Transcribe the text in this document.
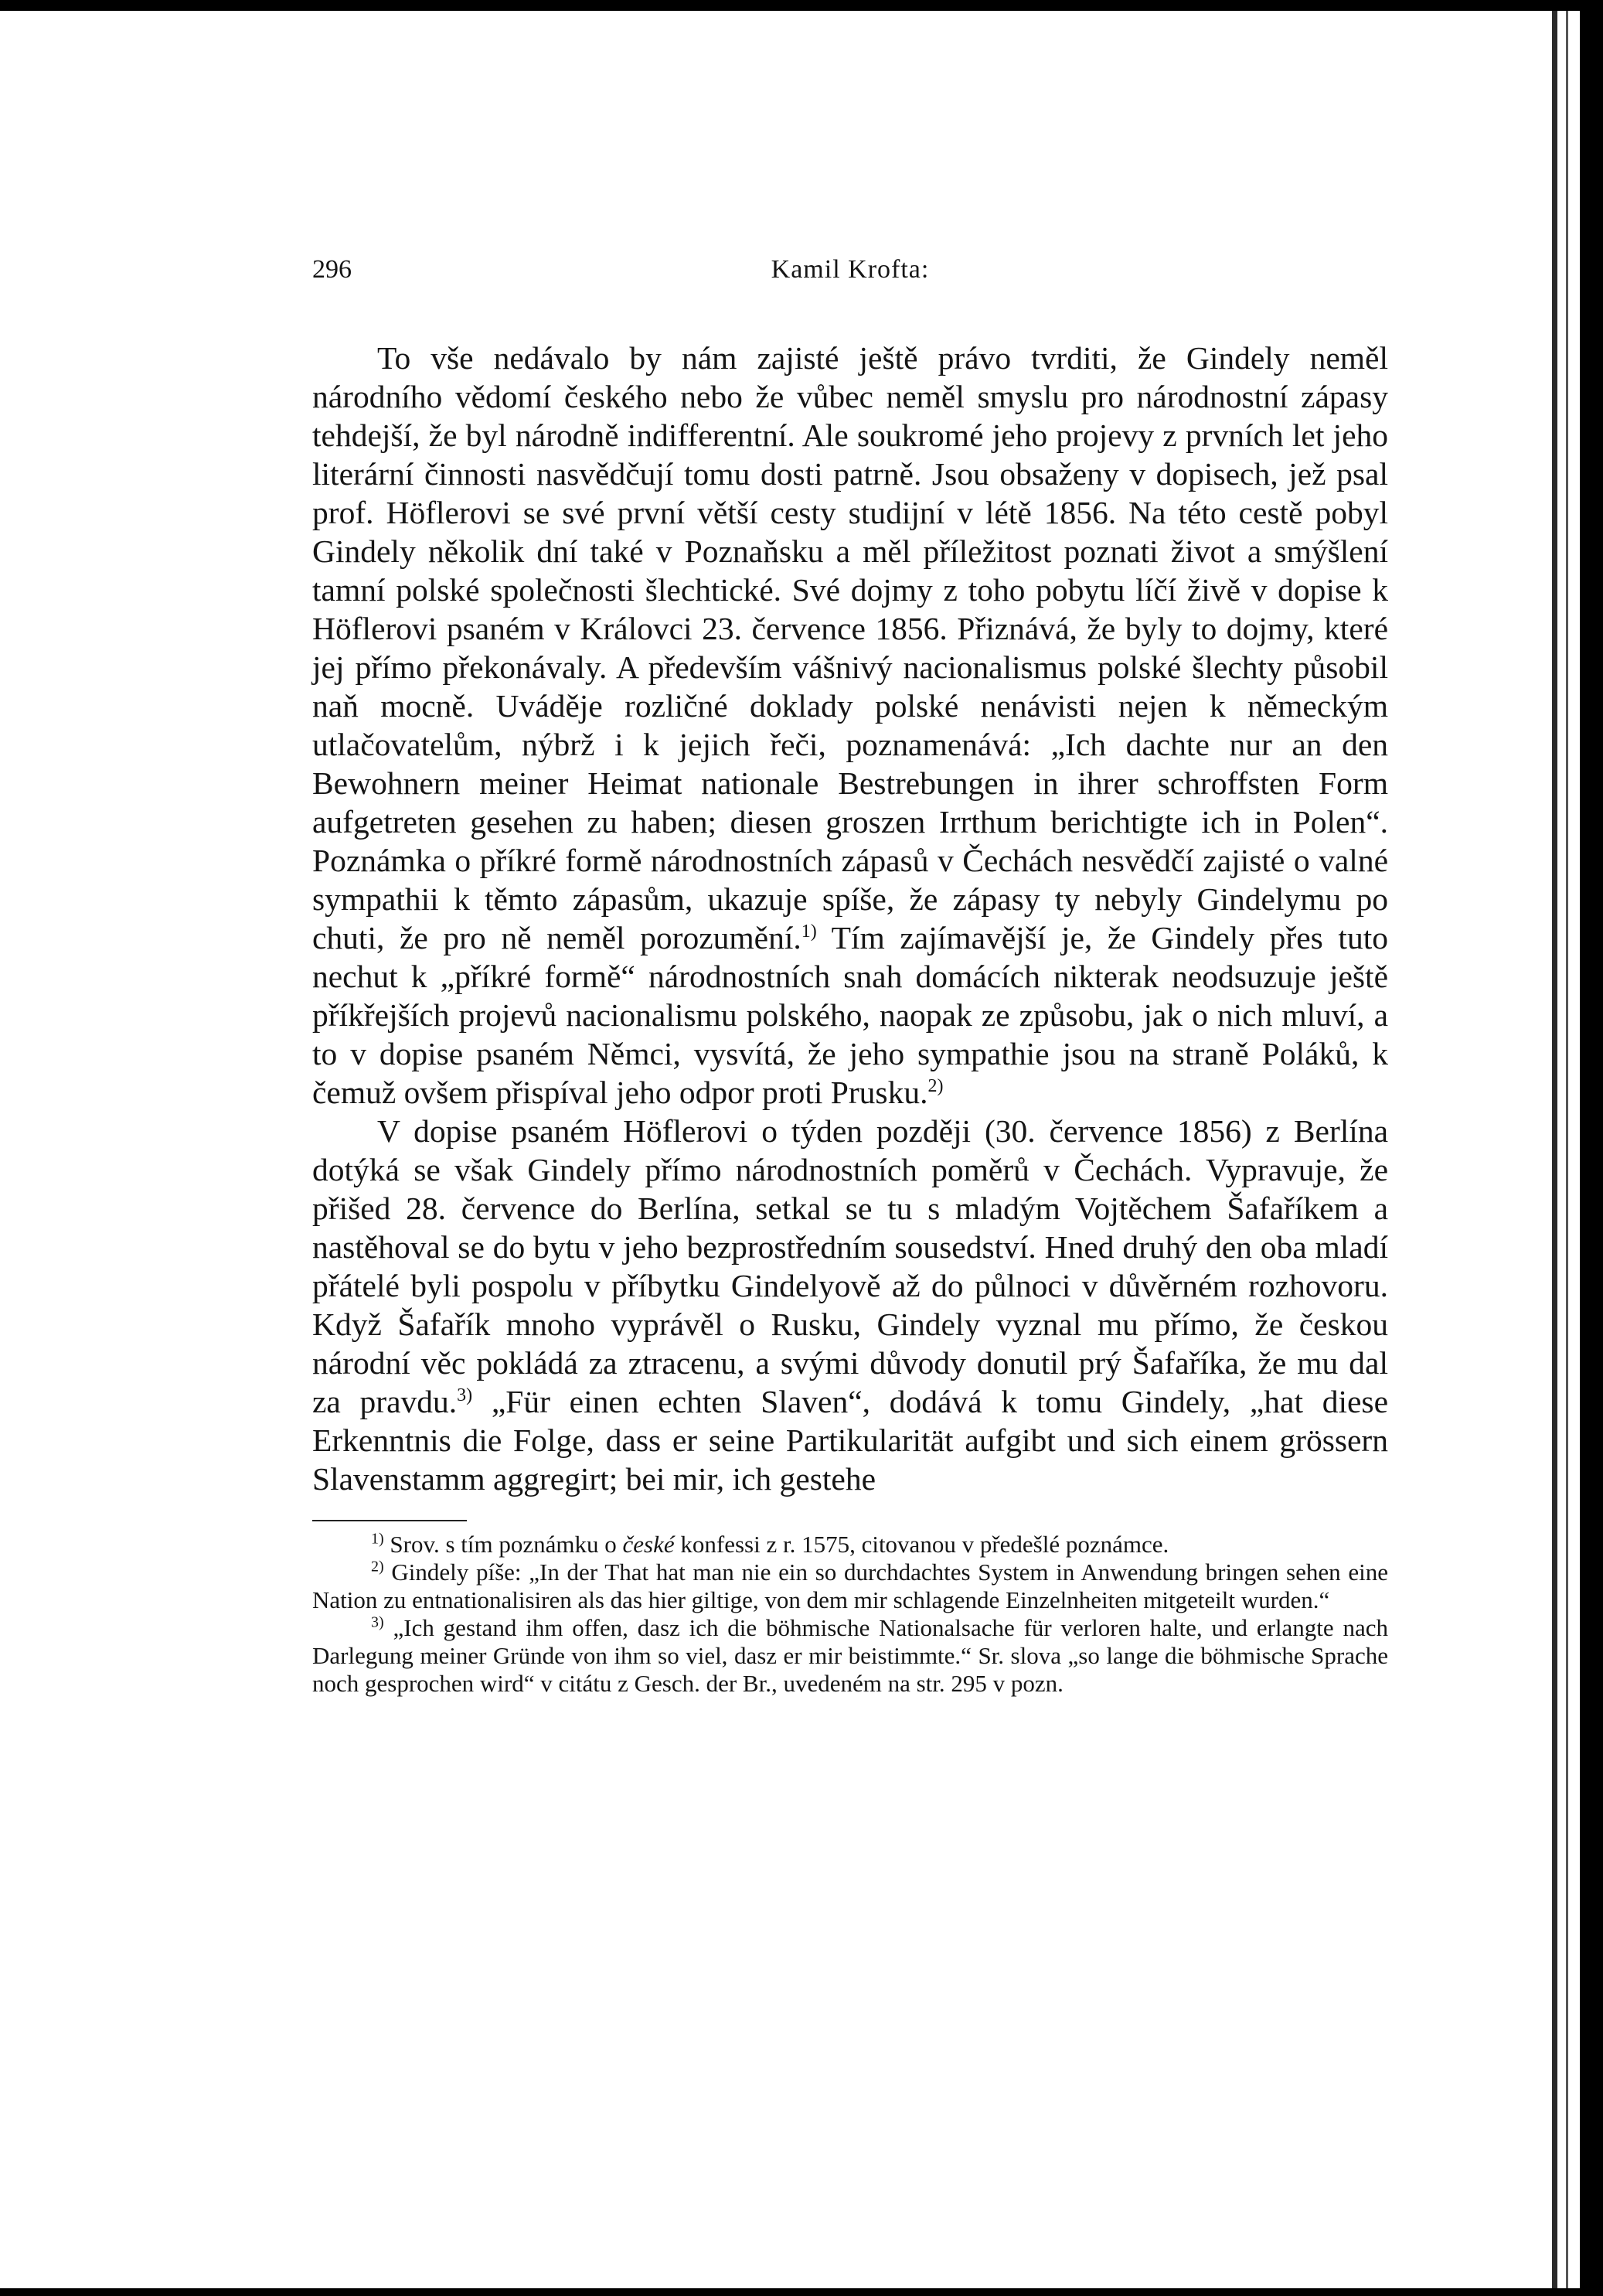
296	Kamil Krofta:

To vše nedávalo by nám zajisté ještě právo tvrditi, že Gindely neměl národního vědomí českého nebo že vůbec neměl smyslu pro národnostní zápasy tehdejší, že byl národně indifferentní. Ale soukromé jeho projevy z prvních let jeho literární činnosti nasvědčují tomu dosti patrně. Jsou obsaženy v dopisech, jež psal prof. Höflerovi se své první větší cesty studijní v létě 1856. Na této cestě pobyl Gindely několik dní také v Poznaňsku a měl příležitost poznati život a smýšlení tamní polské společnosti šlechtické. Své dojmy z toho pobytu líčí živě v dopise k Höflerovi psaném v Královci 23. července 1856. Přiznává, že byly to dojmy, které jej přímo překonávaly. A především vášnivý nacionalismus polské šlechty působil naň mocně. Uváděje rozličné doklady polské nenávisti nejen k německým utlačovatelům, nýbrž i k jejich řeči, poznamenává: „Ich dachte nur an den Bewohnern meiner Heimat nationale Bestrebungen in ihrer schroffsten Form aufgetreten gesehen zu haben; diesen groszen Irrthum berichtigte ich in Polen“. Poznámka o příkré formě národnostních zápasů v Čechách nesvědčí zajisté o valné sympathii k těmto zápasům, ukazuje spíše, že zápasy ty nebyly Gindelymu po chuti, že pro ně neměl porozumění.$^{1)}$ Tím zajímavější je, že Gindely přes tuto nechut k „příkré formě“ národnostních snah domácích nikterak neodsuzuje ještě příkřejších projevů nacionalismu polského, naopak ze způsobu, jak o nich mluví, a to v dopise psaném Němci, vysvítá, že jeho sympathie jsou na straně Poláků, k čemuž ovšem přispíval jeho odpor proti Prusku.$^{2)}$

V dopise psaném Höflerovi o týden později (30. července 1856) z Berlína dotýká se však Gindely přímo národnostních poměrů v Čechách. Vypravuje, že přišed 28. července do Berlína, setkal se tu s mladým Vojtěchem Šafaříkem a nastěhoval se do bytu v jeho bezprostředním sousedství. Hned druhý den oba mladí přátelé byli pospolu v příbytku Gindelyově až do půlnoci v důvěrném rozhovoru. Když Šafařík mnoho vyprávěl o Rusku, Gindely vyznal mu přímo, že českou národní věc pokládá za ztracenu, a svými důvody donutil prý Šafaříka, že mu dal za pravdu.$^{3)}$ „Für einen echten Slaven“, dodává k tomu Gindely, „hat diese Erkenntnis die Folge, dass er seine Partikularität aufgibt und sich einem grössern Slavenstamm aggregirt; bei mir, ich gestehe

$^{1)}$ Srov. s tím poznámku o české konfessi z r. 1575, citovanou v předešlé poznámce.

$^{2)}$ Gindely píše: „In der That hat man nie ein so durchdachtes System in Anwendung bringen sehen eine Nation zu entnationalisiren als das hier giltige, von dem mir schlagende Einzelnheiten mitgeteilt wurden.“

$^{3)}$ „Ich gestand ihm offen, dasz ich die böhmische Nationalsache für verloren halte, und erlangte nach Darlegung meiner Gründe von ihm so viel, dasz er mir beistimmte.“ Sr. slova „so lange die böhmische Sprache noch gesprochen wird“ v citátu z Gesch. der Br., uvedeném na str. 295 v pozn.
